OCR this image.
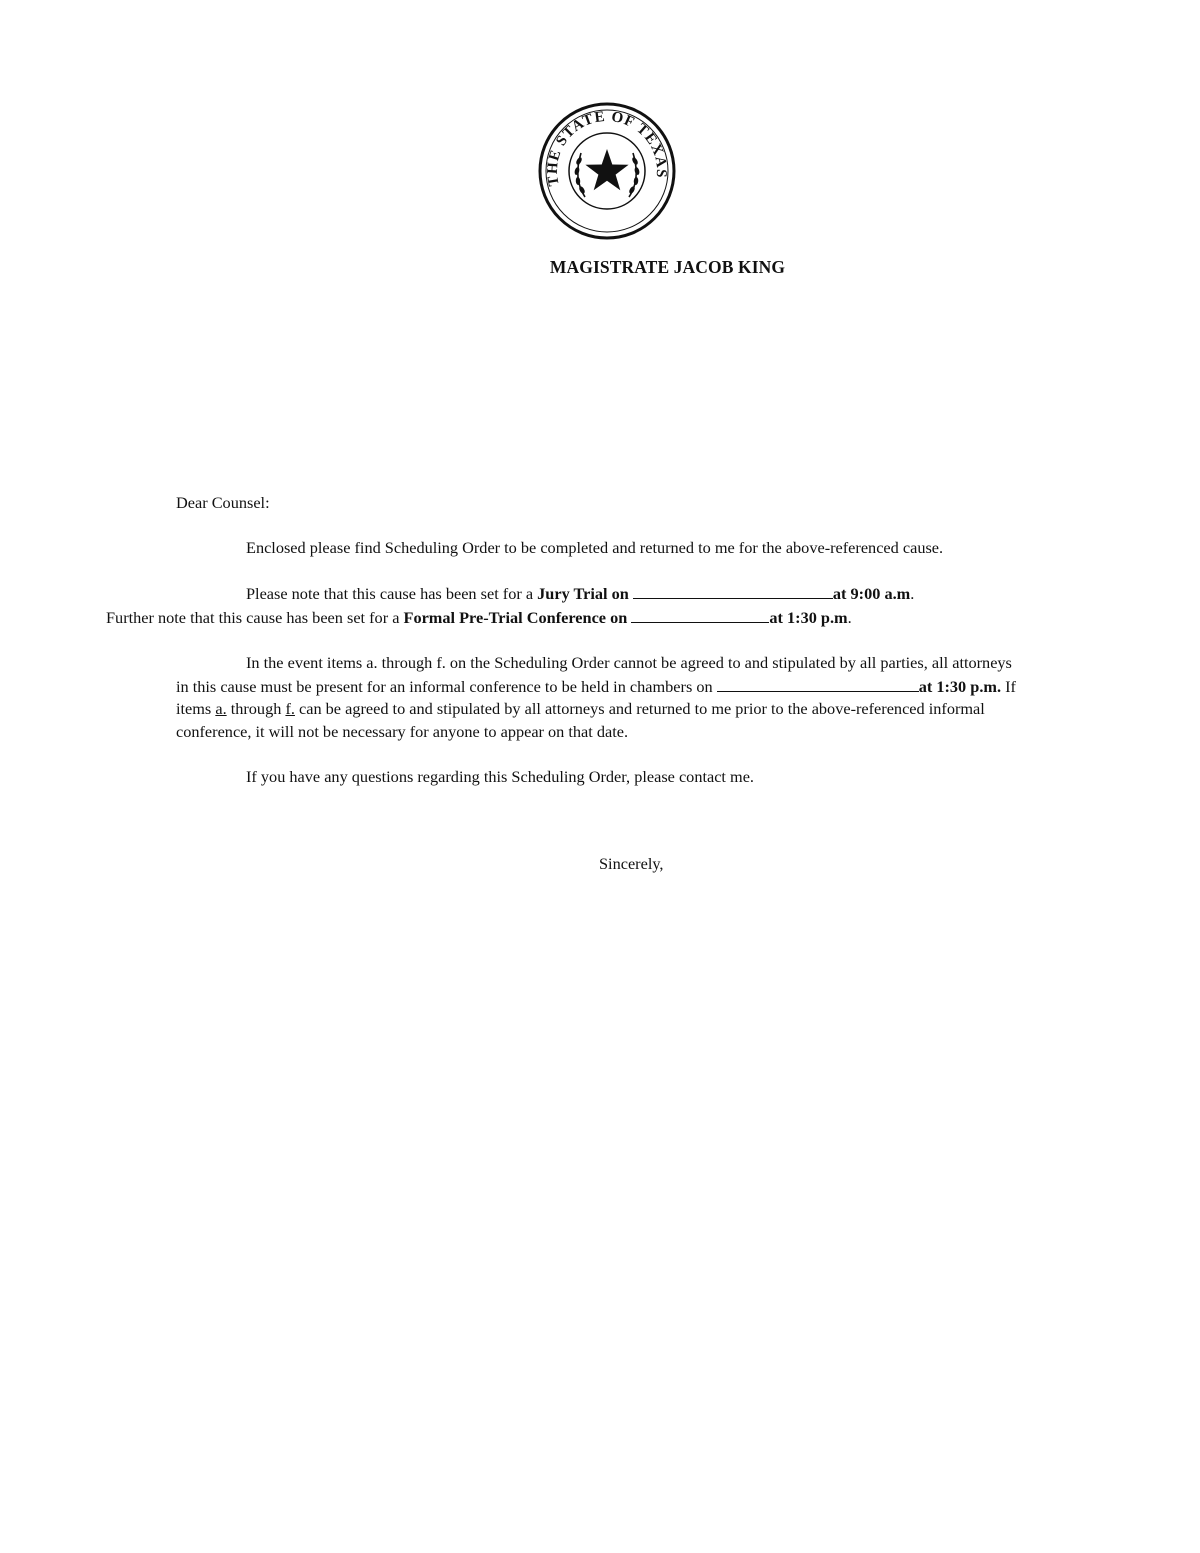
THE STATE OF TEXAS
MAGISTRATE JACOB KING

Dear Counsel:

Enclosed please find Scheduling Order to be completed and returned to me for the above-referenced cause.

Please note that this cause has been set for a Jury Trial on	at 9:00 a.m.
Further note that this cause has been set for a Formal Pre-Trial Conference on	at 1:30 p.m.

In the event items a. through f. on the Scheduling Order cannot be agreed to and stipulated by all parties, all attorneys in this cause must be present for an informal conference to be held in chambers on	at 1:30 p.m. If items a. through f. can be agreed to and stipulated by all attorneys and returned to me prior to the above-referenced informal conference, it will not be necessary for anyone to appear on that date.

If you have any questions regarding this Scheduling Order, please contact me.

Sincerely,
